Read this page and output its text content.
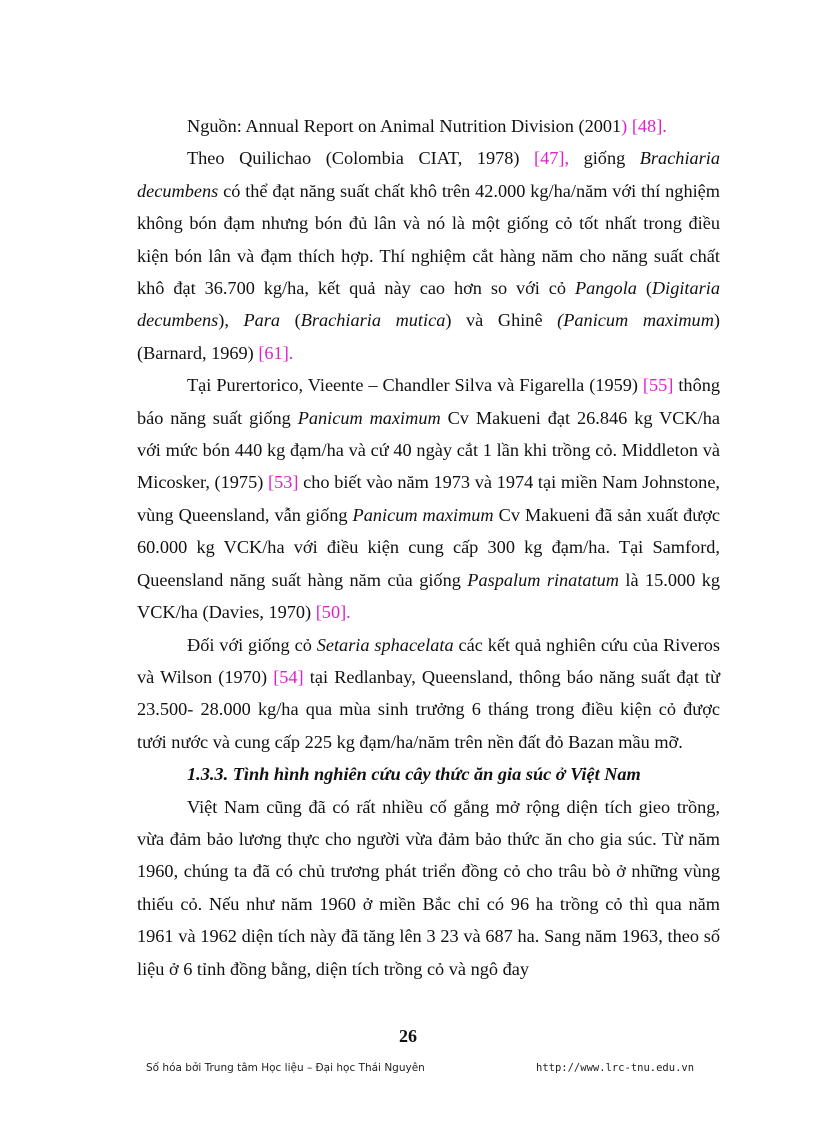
Nguồn: Annual Report on Animal Nutrition Division (2001) [48].

Theo Quilichao (Colombia CIAT, 1978) [47], giống Brachiaria decumbens có thể đạt năng suất chất khô trên 42.000 kg/ha/năm với thí nghiệm không bón đạm nhưng bón đủ lân và nó là một giống cỏ tốt nhất trong điều kiện bón lân và đạm thích hợp. Thí nghiệm cắt hàng năm cho năng suất chất khô đạt 36.700 kg/ha, kết quả này cao hơn so với cỏ Pangola (Digitaria decumbens), Para (Brachiaria mutica) và Ghinê (Panicum maximum) (Barnard, 1969) [61].

Tại Purertorico, Vieente – Chandler Silva và Figarella (1959) [55] thông báo năng suất giống Panicum maximum Cv Makueni đạt 26.846 kg VCK/ha với mức bón 440 kg đạm/ha và cứ 40 ngày cắt 1 lần khi trồng cỏ. Middleton và Micosker, (1975) [53] cho biết vào năm 1973 và 1974 tại miền Nam Johnstone, vùng Queensland, vẫn giống Panicum maximum Cv Makueni đã sản xuất được 60.000 kg VCK/ha với điều kiện cung cấp 300 kg đạm/ha. Tại Samford, Queensland năng suất hàng năm của giống Paspalum rinatatum là 15.000 kg VCK/ha (Davies, 1970) [50].

Đối với giống cỏ Setaria sphacelata các kết quả nghiên cứu của Riveros và Wilson (1970) [54] tại Redlanbay, Queensland, thông báo năng suất đạt từ 23.500- 28.000 kg/ha qua mùa sinh trưởng 6 tháng trong điều kiện cỏ được tưới nước và cung cấp 225 kg đạm/ha/năm trên nền đất đỏ Bazan mầu mỡ.

1.3.3. Tình hình nghiên cứu cây thức ăn gia súc ở Việt Nam

Việt Nam cũng đã có rất nhiều cố gắng mở rộng diện tích gieo trồng, vừa đảm bảo lương thực cho người vừa đảm bảo thức ăn cho gia súc. Từ năm 1960, chúng ta đã có chủ trương phát triển đồng cỏ cho trâu bò ở những vùng thiếu cỏ. Nếu như năm 1960 ở miền Bắc chỉ có 96 ha trồng cỏ thì qua năm 1961 và 1962 diện tích này đã tăng lên 3 23 và 687 ha. Sang năm 1963, theo số liệu ở 6 tỉnh đồng bằng, diện tích trồng cỏ và ngô đay

26
Số hóa bởi Trung tâm Học liệu – Đại học Thái Nguyên	http://www.lrc-tnu.edu.vn
